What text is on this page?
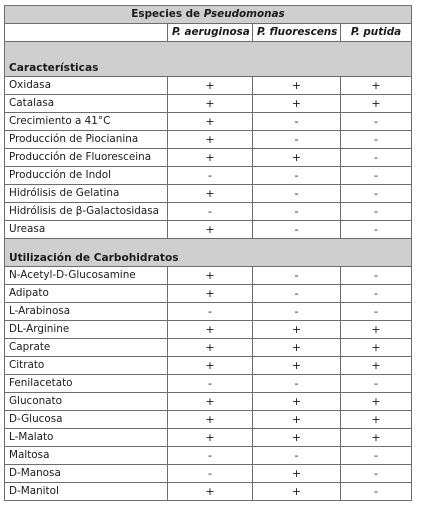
Especies de Pseudomonas			
	P. aeruginosa	P. fluorescens	P. putida
Características			
Oxidasa	+	+	+
Catalasa	+	+	+
Crecimiento a 41°C	+	-	-
Producción de Piocianina	+	-	-
Producción de Fluoresceina	+	+	-
Producción de Indol	-	-	-
Hidrólisis de Gelatina	+	-	-
Hidrólisis de β-Galactosidasa	-	-	-
Ureasa	+	-	-
Utilización de Carbohidratos			
N-Acetyl-D-Glucosamine	+	-	-
Adipato	+	-	-
L-Arabinosa	-	-	-
DL-Arginine	+	+	+
Caprate	+	+	+
Citrato	+	+	+
Fenilacetato	-	-	-
Gluconato	+	+	+
D-Glucosa	+	+	+
L-Malato	+	+	+
Maltosa	-	-	-
D-Manosa	-	+	-
D-Manitol	+	+	-
